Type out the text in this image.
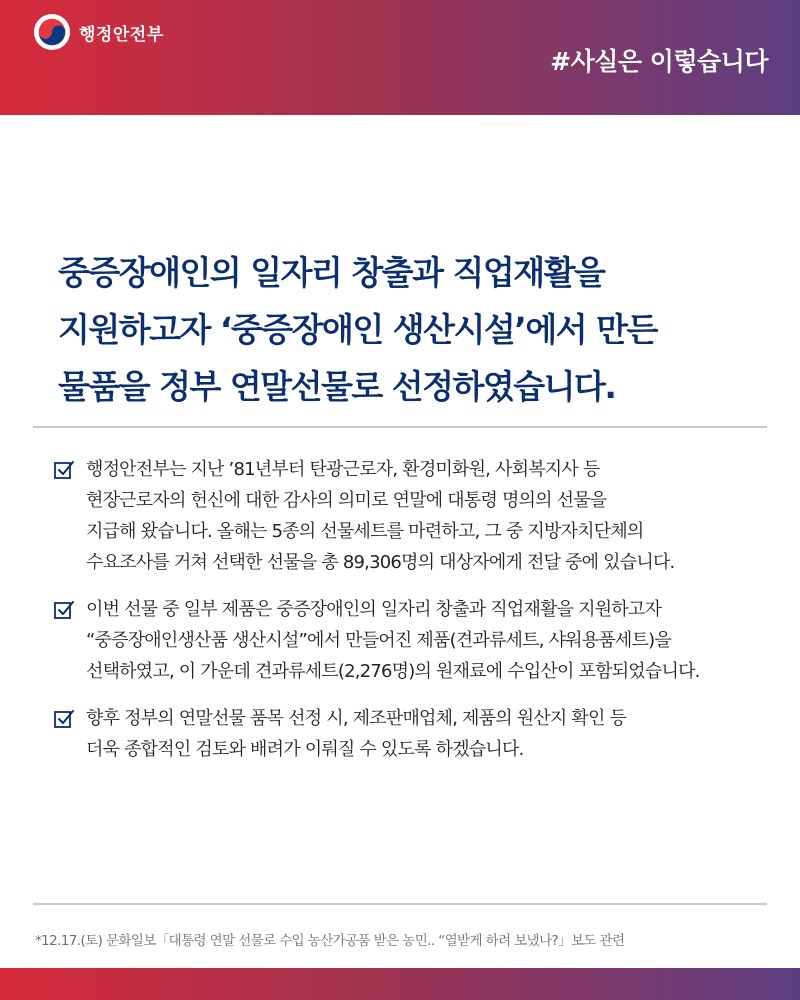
행정안전부
#사실은 이렇습니다
중증장애인의 일자리 창출과 직업재활을
지원하고자 ‘중증장애인 생산시설’에서 만든
물품을 정부 연말선물로 선정하였습니다.
행정안전부는 지난 ’81년부터 탄광근로자, 환경미화원, 사회복지사 등
현장근로자의 헌신에 대한 감사의 의미로 연말에 대통령 명의의 선물을
지급해 왔습니다. 올해는 5종의 선물세트를 마련하고, 그 중 지방자치단체의
수요조사를 거쳐 선택한 선물을 총 89,306명의 대상자에게 전달 중에 있습니다.
이번 선물 중 일부 제품은 중증장애인의 일자리 창출과 직업재활을 지원하고자
“중증장애인생산품 생산시설”에서 만들어진 제품(견과류세트, 샤워용품세트)을
선택하였고, 이 가운데 견과류세트(2,276명)의 원재료에 수입산이 포함되었습니다.
향후 정부의 연말선물 품목 선정 시, 제조판매업체, 제품의 원산지 확인 등
더욱 종합적인 검토와 배려가 이뤄질 수 있도록 하겠습니다.
*12.17.(토) 문화일보「대통령 연말 선물로 수입 농산가공품 받은 농민.. “열받게 하려 보냈나?」보도 관련
